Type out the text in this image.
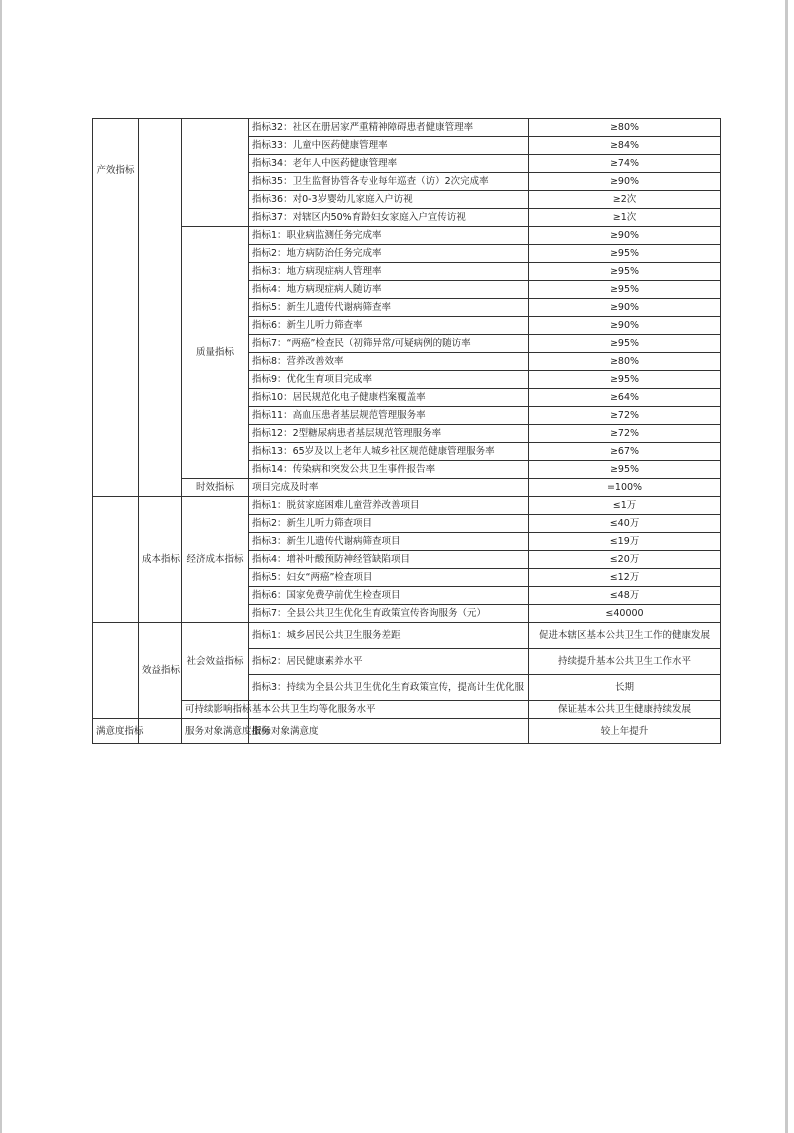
产效指标			指标32：社区在册居家严重精神障碍患者健康管理率	≥80%
			指标33：儿童中医药健康管理率	≥84%
			指标34：老年人中医药健康管理率	≥74%
			指标35：卫生监督协管各专业每年巡查（访）2次完成率	≥90%
			指标36：对0-3岁婴幼儿家庭入户访视	≥2次
			指标37：对辖区内50%育龄妇女家庭入户宣传访视	≥1次
		质量指标	指标1：职业病监测任务完成率	≥90%
			指标2：地方病防治任务完成率	≥95%
			指标3：地方病现症病人管理率	≥95%
			指标4：地方病现症病人随访率	≥95%
			指标5：新生儿遗传代谢病筛查率	≥90%
			指标6：新生儿听力筛查率	≥90%
			指标7：“两癌”检查民（初筛异常/可疑病例的随访率	≥95%
			指标8：营养改善效率	≥80%
			指标9：优化生育项目完成率	≥95%
			指标10：居民规范化电子健康档案覆盖率	≥64%
			指标11：高血压患者基层规范管理服务率	≥72%
			指标12：2型糖尿病患者基层规范管理服务率	≥72%
			指标13：65岁及以上老年人城乡社区规范健康管理服务率	≥67%
			指标14：传染病和突发公共卫生事件报告率	≥95%
		时效指标	项目完成及时率	=100%
	成本指标	经济成本指标	指标1：脱贫家庭困难儿童营养改善项目	≤1万
			指标2：新生儿听力筛查项目	≤40万
			指标3：新生儿遗传代谢病筛查项目	≤19万
			指标4：增补叶酸预防神经管缺陷项目	≤20万
			指标5：妇女“两癌”检查项目	≤12万
			指标6：国家免费孕前优生检查项目	≤48万
			指标7：全县公共卫生优化生育政策宣传咨询服务（元）	≤40000
	效益指标	社会效益指标	指标1：城乡居民公共卫生服务差距	促进本辖区基本公共卫生工作的健康发展
			指标2：居民健康素养水平	持续提升基本公共卫生工作水平
			指标3：持续为全县公共卫生优化生育政策宣传，提高计生优化服	长期
		可持续影响指标	基本公共卫生均等化服务水平	保证基本公共卫生健康持续发展
满意度指标		服务对象满意度指标	服务对象满意度	较上年提升
